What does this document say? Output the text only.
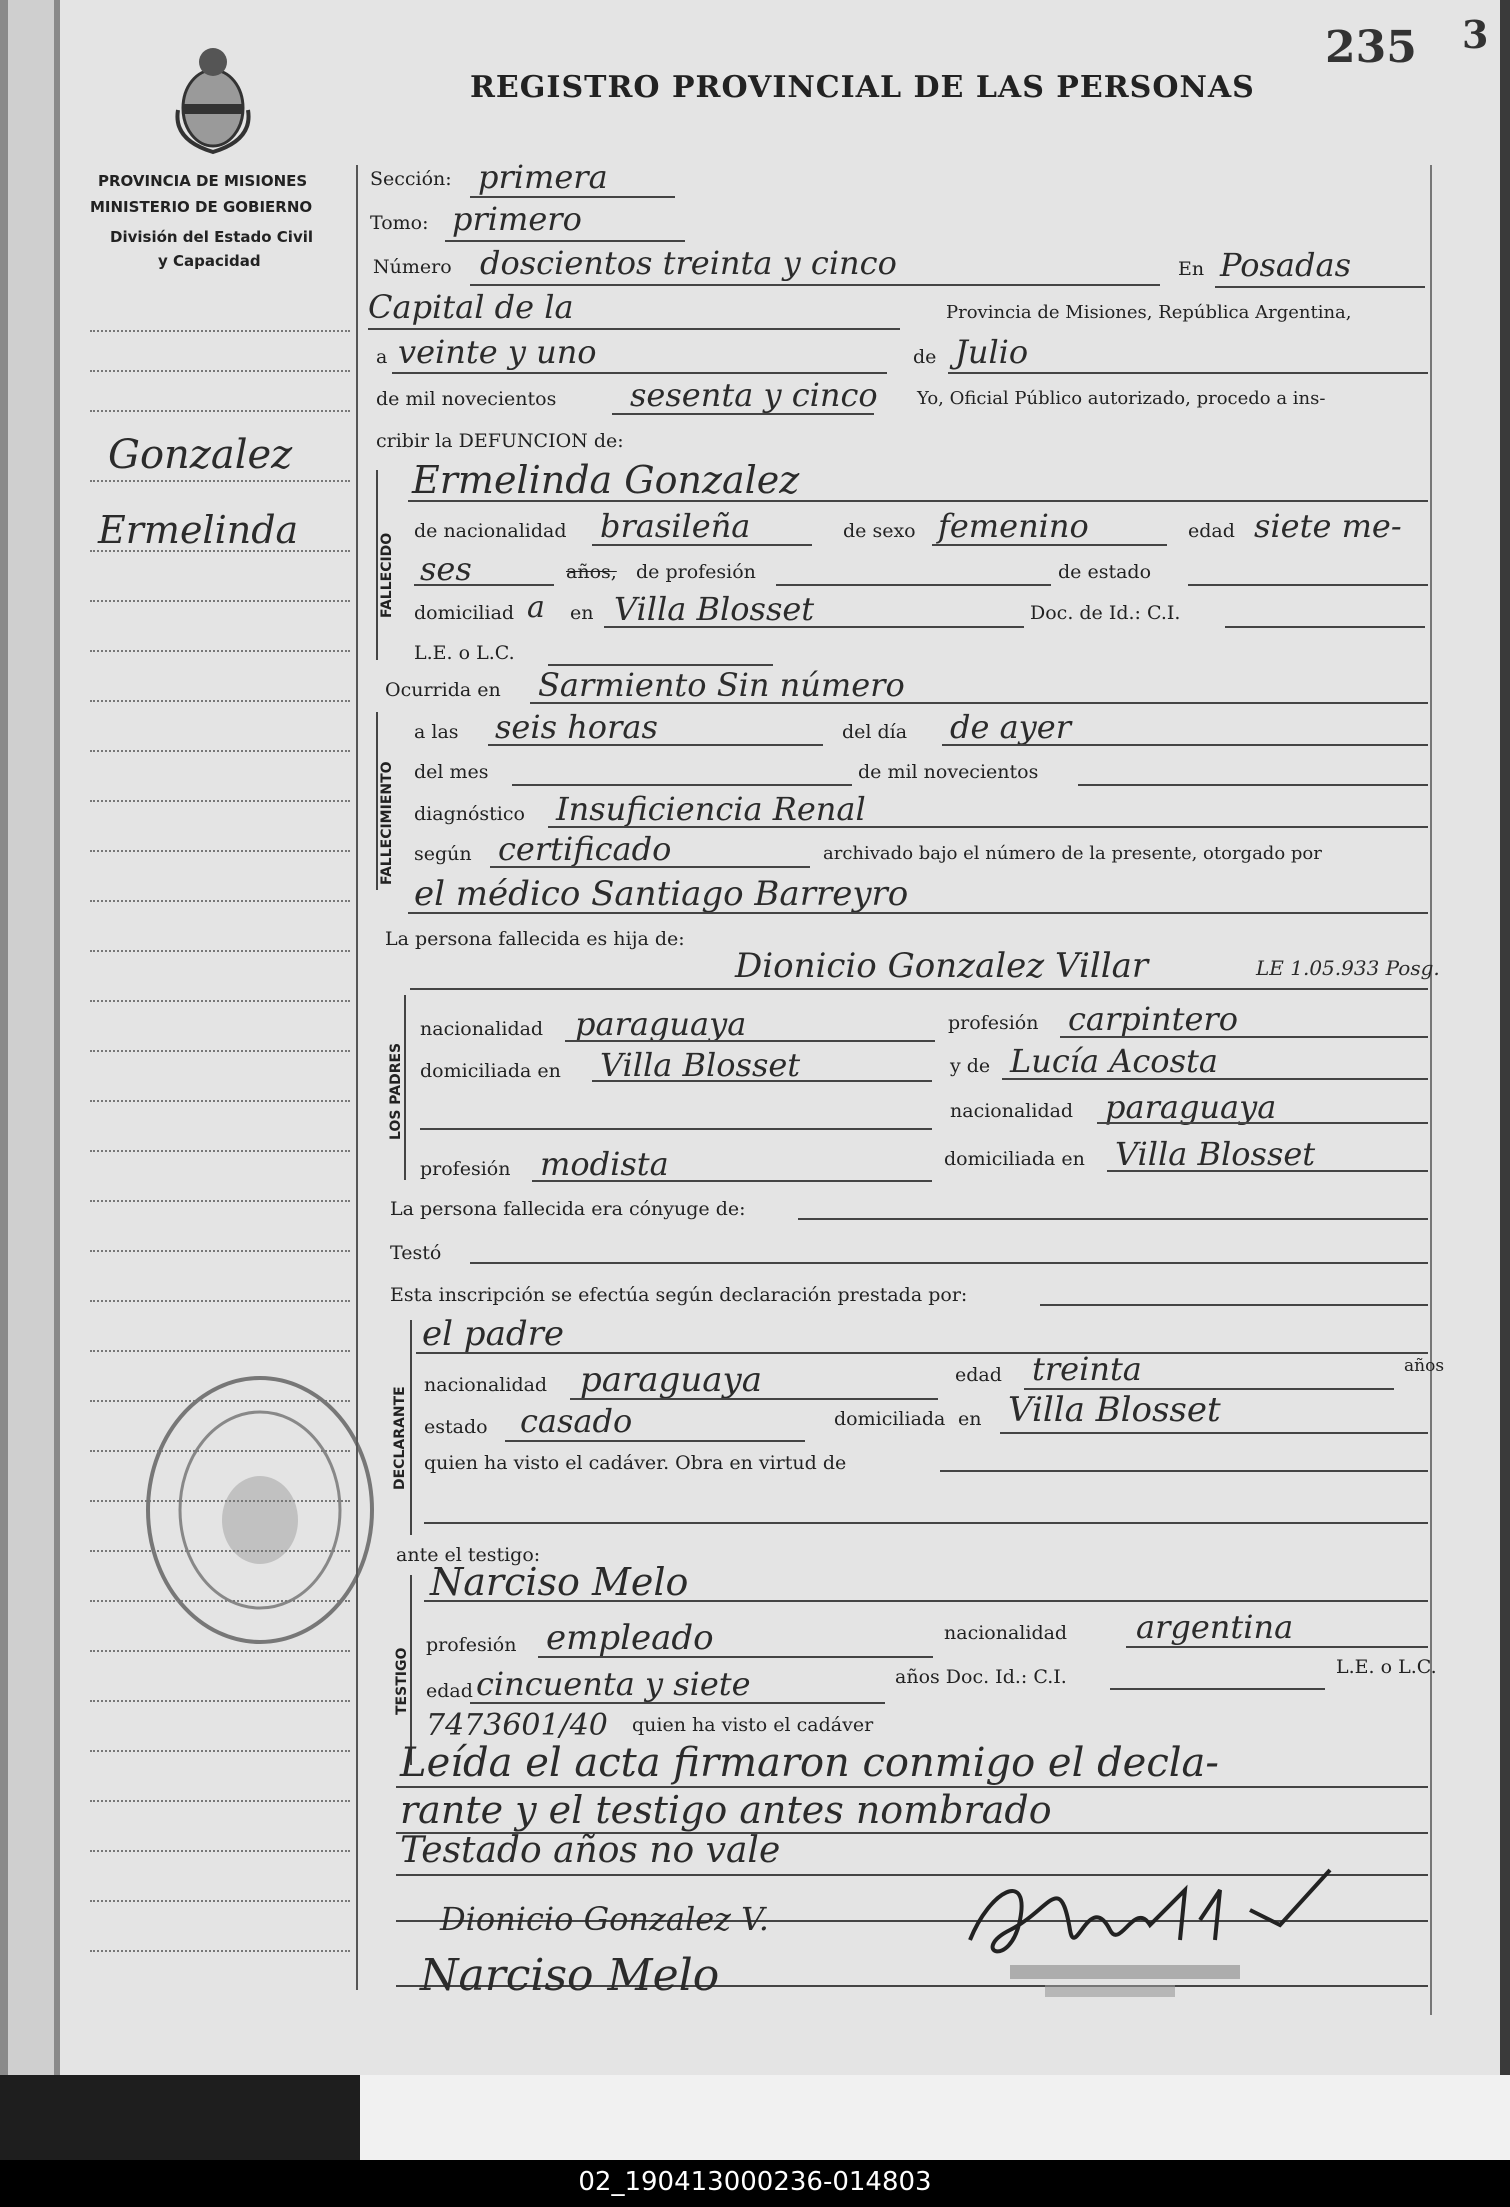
02_190413000236-014803
235 3
REGISTRO PROVINCIAL DE LAS PERSONAS
PROVINCIA DE MISIONES
MINISTERIO DE GOBIERNO
División del Estado Civil
y Capacidad
Gonzalez
Ermelinda
Sección: primera
Tomo: primero
Número doscientos treinta y cinco	En Posadas
Capital de la	Provincia de Misiones, República Argentina,
a veinte y uno	de Julio
de mil novecientos sesenta y cinco Yo, Oficial Público autorizado, procedo a ins-
cribir la DEFUNCION de:
FALLECIDO
Ermelinda Gonzalez
de nacionalidad brasileña	de sexo femenino	edad siete me-
ses	años, de profesión	de estado
domiciliad a en Villa Blosset	Doc. de Id.: C.I.
L.E. o L.C.
Ocurrida en Sarmiento Sin número
FALLECIMIENTO
a las seis horas	del día de ayer
del mes	de mil novecientos
diagnóstico Insuficiencia Renal
según certificado	archivado bajo el número de la presente, otorgado por
el médico Santiago Barreyro
La persona fallecida es hija de:
Dionicio Gonzalez Villar	LE 1.05.933 Posg.
LOS PADRES
nacionalidad paraguaya	profesión carpintero
domiciliada en Villa Blosset	y de Lucía Acosta
nacionalidad paraguaya
profesión modista	domiciliada en Villa Blosset
La persona fallecida era cónyuge de:
Testó
Esta inscripción se efectúa según declaración prestada por:
DECLARANTE
el padre
nacionalidad paraguaya	edad treinta	años
estado casado	domiciliada en Villa Blosset
quien ha visto el cadáver. Obra en virtud de
ante el testigo:
TESTIGO
Narciso Melo
profesión empleado	nacionalidad argentina
edad cincuenta y siete	años Doc. Id.: C.I.	L.E. o L.C.
7473601/40 quien ha visto el cadáver
Leída el acta firmaron conmigo el decla-
rante y el testigo antes nombrado
Testado años no vale
Dionicio Gonzalez V.
Narciso Melo
